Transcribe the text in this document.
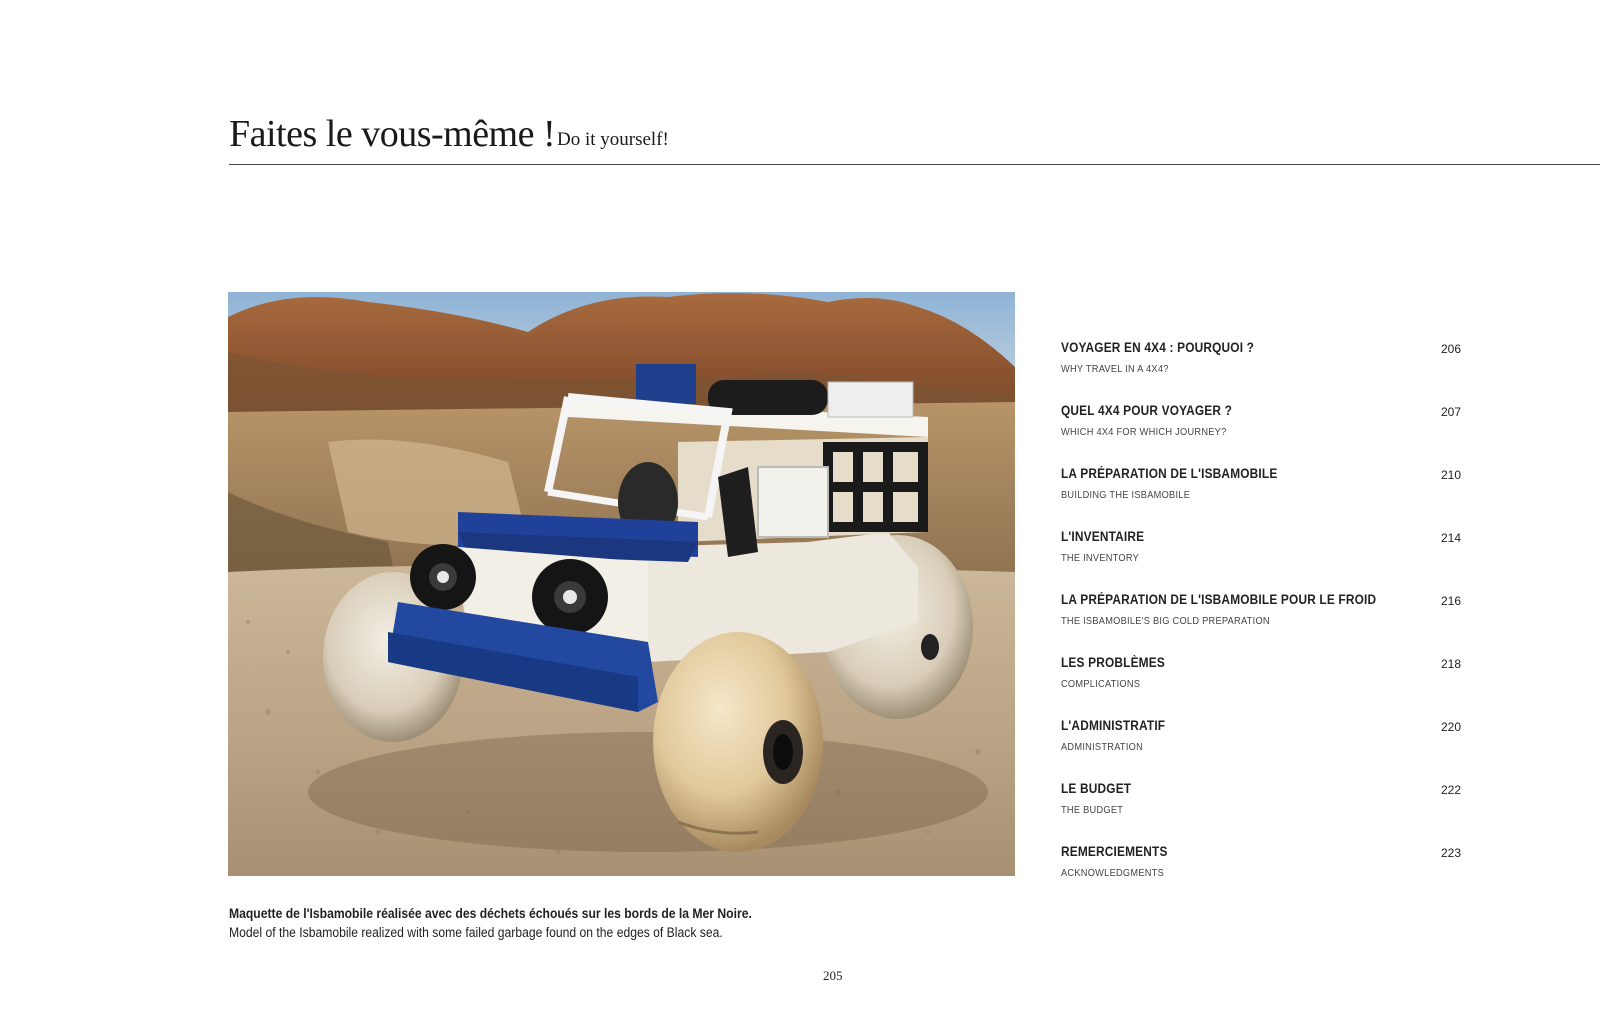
Faites le vous-même ! Do it yourself!
Maquette de l'Isbamobile réalisée avec des déchets échoués sur les bords de la Mer Noire.
Model of the Isbamobile realized with some failed garbage found on the edges of Black sea.
VOYAGER EN 4X4 : POURQUOI ?
WHY TRAVEL IN A 4X4?
206
QUEL 4X4 POUR VOYAGER ?
WHICH 4X4 FOR WHICH JOURNEY?
207
LA PRÉPARATION DE L'ISBAMOBILE
BUILDING THE ISBAMOBILE
210
L'INVENTAIRE
THE INVENTORY
214
LA PRÉPARATION DE L'ISBAMOBILE POUR LE FROID
THE ISBAMOBILE'S BIG COLD PREPARATION
216
LES PROBLÈMES
COMPLICATIONS
218
L'ADMINISTRATIF
ADMINISTRATION
220
LE BUDGET
THE BUDGET
222
REMERCIEMENTS
ACKNOWLEDGMENTS
223
205
